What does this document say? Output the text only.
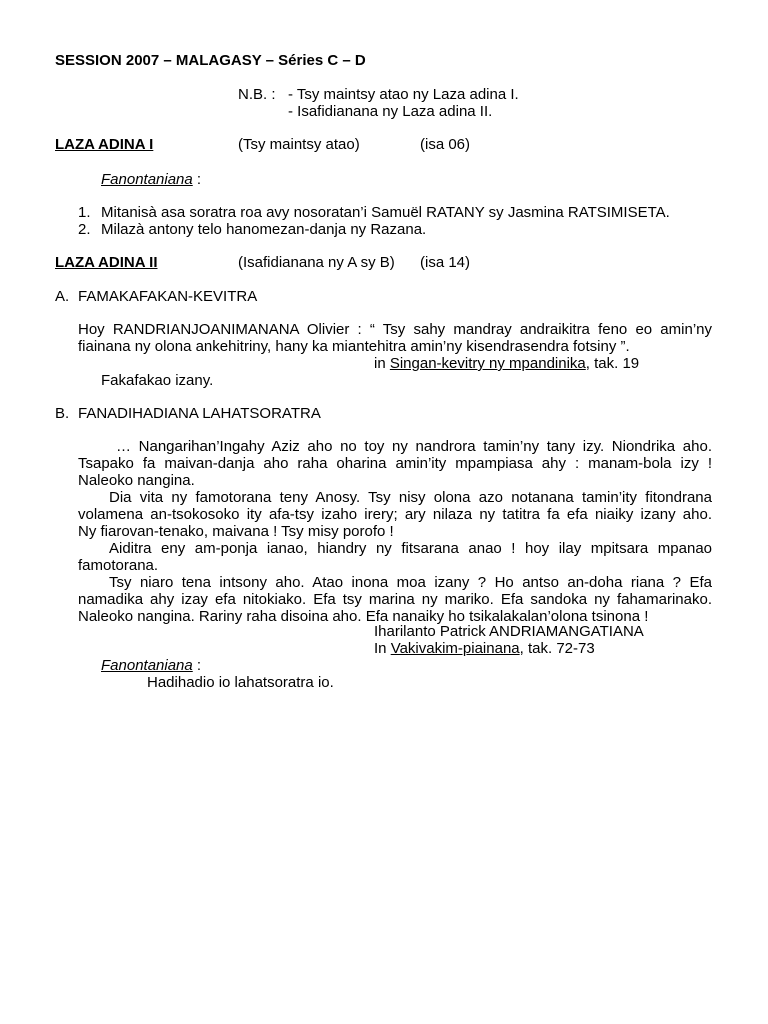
SESSION 2007 – MALAGASY – Séries C – D
N.B. : - Tsy maintsy atao ny Laza adina I.
- Isafidianana ny Laza adina II.
LAZA ADINA I	(Tsy maintsy atao)	(isa 06)
Fanontaniana :
1. Mitanisà asa soratra roa avy nosoratan’i Samuël RATANY sy Jasmina RATSIMISETA.
2. Milazà antony telo hanomezan-danja ny Razana.
LAZA ADINA II	(Isafidianana ny A sy B) (isa 14)
A. FAMAKAFAKAN-KEVITRA
Hoy RANDRIANJOANIMANANA Olivier : “ Tsy sahy mandray andraikitra feno eo amin’ny
fiainana ny olona ankehitriny, hany ka miantehitra amin’ny kisendrasendra fotsiny ”.
in Singan-kevitry ny mpandinika, tak. 19
Fakafakao izany.
B. FANADIHADIANA LAHATSORATRA
… Nangarihan’Ingahy Aziz aho no toy ny nandrora tamin’ny tany izy. Niondrika aho.
Tsapako fa maivan-danja aho raha oharina amin’ity mpampiasa ahy : manam-bola izy !
Naleoko nangina.
Dia vita ny famotorana teny Anosy. Tsy nisy olona azo notanana tamin’ity fitondrana
volamena an-tsokosoko ity afa-tsy izaho irery; ary nilaza ny tatitra fa efa niaiky izany aho.
Ny fiarovan-tenako, maivana ! Tsy misy porofo !
Aiditra eny am-ponja ianao, hiandry ny fitsarana anao ! hoy ilay mpitsara mpanao
famotorana.
Tsy niaro tena intsony aho. Atao inona moa izany ? Ho antso an-doha riana ? Efa
namadika ahy izay efa nitokiako. Efa tsy marina ny mariko. Efa sandoka ny fahamarinako.
Naleoko nangina. Rariny raha disoina aho. Efa nanaiky ho tsikalakalan’olona tsinona !
Iharilanto Patrick ANDRIAMANGATIANA
In Vakivakim-piainana, tak. 72-73
Fanontaniana :
Hadihadio io lahatsoratra io.
